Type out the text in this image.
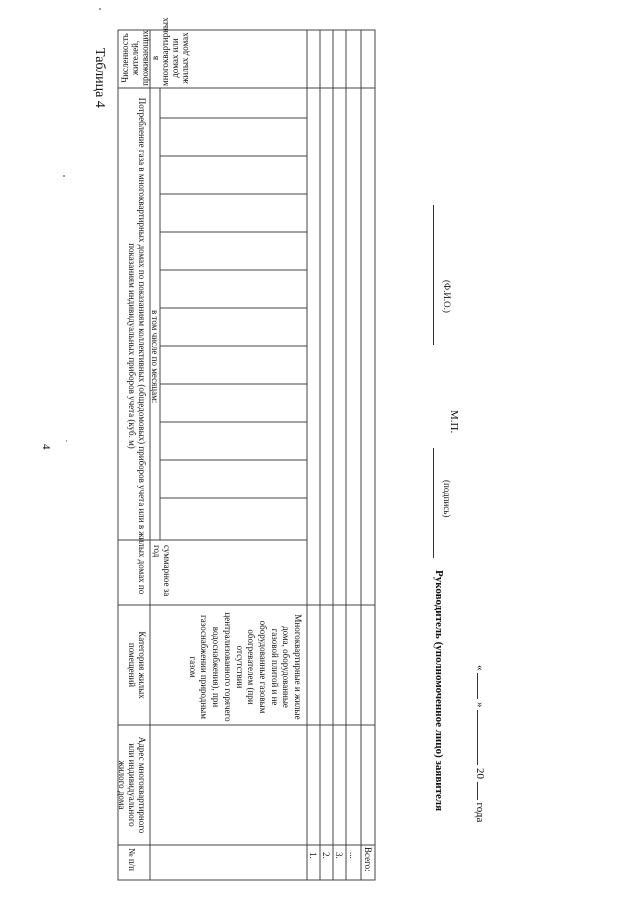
4
Таблица 4
№ п/п
Адрес многоквартирного или индивидуального жилого дома
Категория жилых помещений
Потребление газа в многоквартирных домах по показаниям коллективных (общедомовых) приборов учета или в жилых домах по показаниям индивидуальных приборов учета (куб. м)
суммарное за год
в том числе по месяцам:
Численность жителей, проживающих в многоквартирных домах или жилых домах
Многоквартирные и жилые дома, оборудованные газовой плитой и не оборудованные газовым обогревателем (при отсутствии централизованного горячего водоснабжения), при газоснабжении природным газом
1. 2. 3. ... Всего:
Руководитель (уполномоченное лицо) заявителя
(подпись)
М.П.
(Ф.И.О.)
«  »  20  года
